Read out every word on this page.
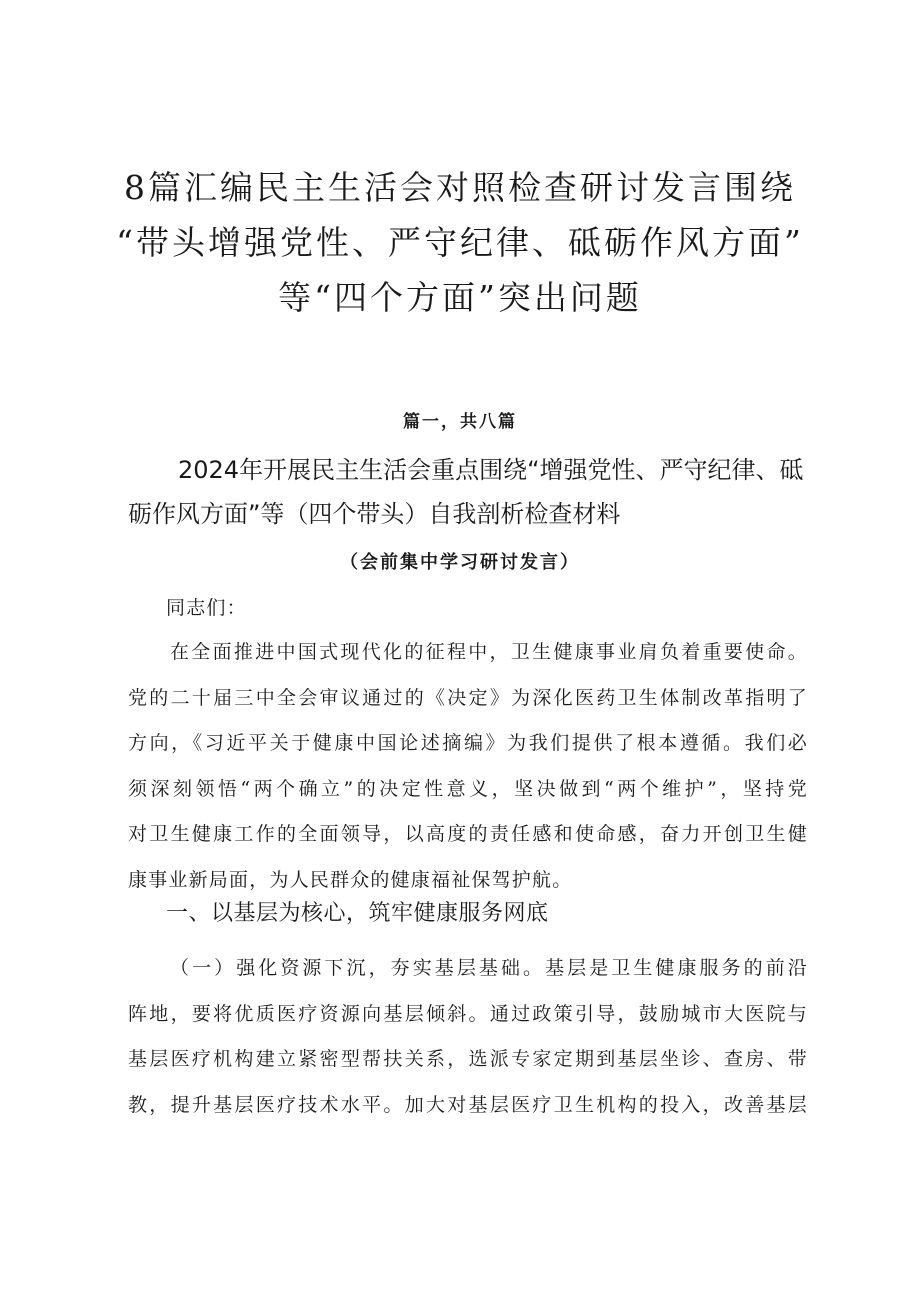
8篇汇编民主生活会对照检查研讨发言围绕
“带头增强党性、严守纪律、砥砺作风方面”
等“四个方面”突出问题
篇一，共八篇
2024年开展民主生活会重点围绕“增强党性、严守纪律、砥
砺作风方面”等（四个带头）自我剖析检查材料
（会前集中学习研讨发言）
同志们：
在全面推进中国式现代化的征程中，卫生健康事业肩负着重要使命。
党的二十届三中全会审议通过的《决定》为深化医药卫生体制改革指明了
方向，《习近平关于健康中国论述摘编》为我们提供了根本遵循。我们必
须深刻领悟“两个确立”的决定性意义，坚决做到“两个维护”，坚持党
对卫生健康工作的全面领导，以高度的责任感和使命感，奋力开创卫生健
康事业新局面，为人民群众的健康福祉保驾护航。
一、以基层为核心，筑牢健康服务网底
（一）强化资源下沉，夯实基层基础。基层是卫生健康服务的前沿
阵地，要将优质医疗资源向基层倾斜。通过政策引导，鼓励城市大医院与
基层医疗机构建立紧密型帮扶关系，选派专家定期到基层坐诊、查房、带
教，提升基层医疗技术水平。加大对基层医疗卫生机构的投入，改善基层
